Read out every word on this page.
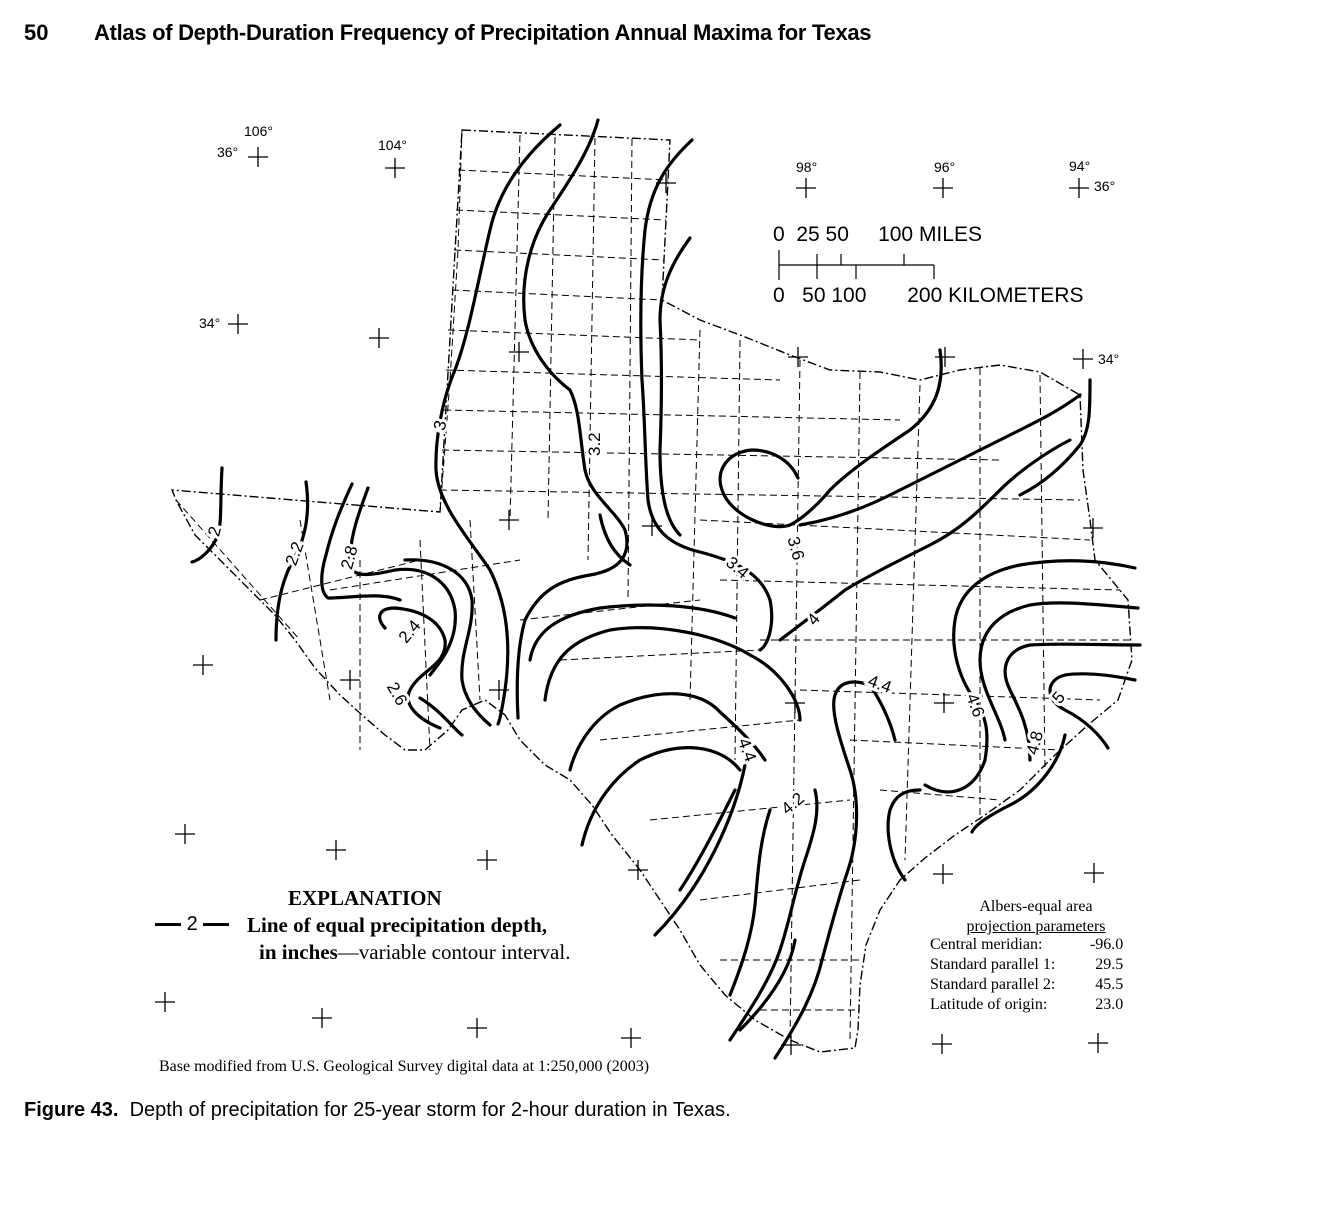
50 Atlas of Depth-Duration Frequency of Precipitation Annual Maxima for Texas
106°
104°
98°	96°	94°
36°
34°
34°
36°
0  25 50     100 MILES
0   50 100       200 KILOMETERS
2
2.2 2.8
2.4
2.6
3
3.2
3.4
3.6
4
4.4
4.4
4.2
4.6
4.8
5
EXPLANATION
2	Line of equal precipitation depth,
in inches—variable contour interval.
Albers-equal area
projection parameters
Central meridian:	-96.0
Standard parallel 1:	29.5
Standard parallel 2:	45.5
Latitude of origin:	23.0
Base modified from U.S. Geological Survey digital data at 1:250,000 (2003)
Figure 43. Depth of precipitation for 25-year storm for 2-hour duration in Texas.
